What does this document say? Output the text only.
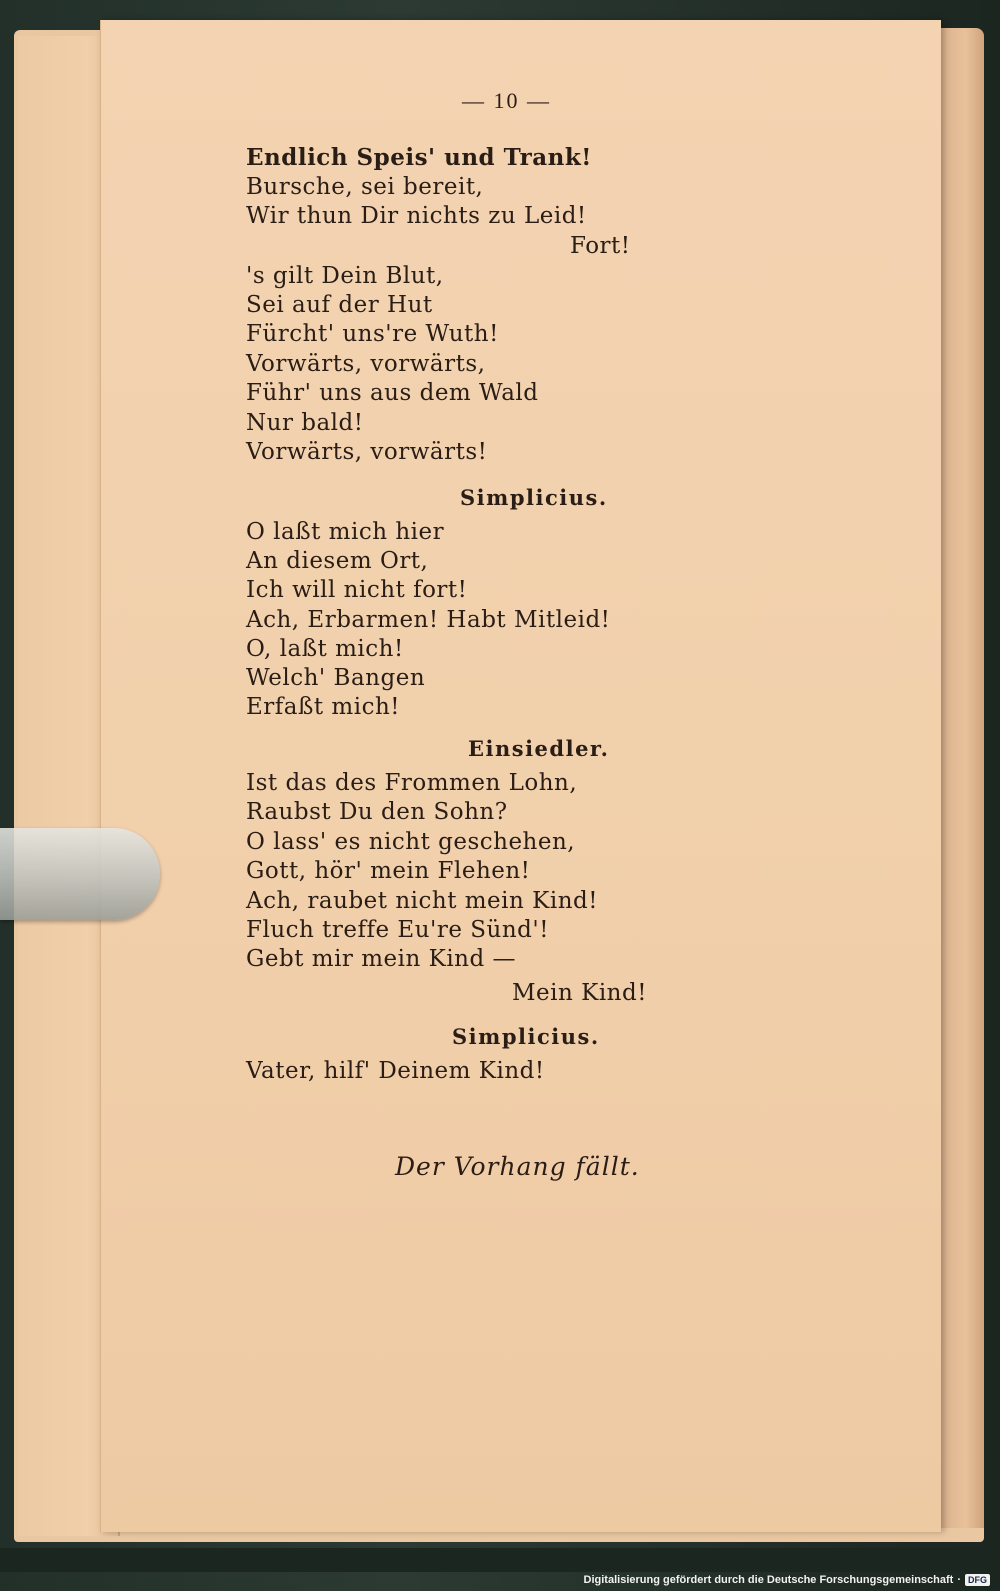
— 10 —
Endlich Speis' und Trank!
Bursche, sei bereit,
Wir thun Dir nichts zu Leid!
Fort!
's gilt Dein Blut,
Sei auf der Hut
Fürcht' uns're Wuth!
Vorwärts, vorwärts,
Führ' uns aus dem Wald
Nur bald!
Vorwärts, vorwärts!
Simplicius.
O laßt mich hier
An diesem Ort,
Ich will nicht fort!
Ach, Erbarmen! Habt Mitleid!
O, laßt mich!
Welch' Bangen
Erfaßt mich!
Einsiedler.
Ist das des Frommen Lohn,
Raubst Du den Sohn?
O lass' es nicht geschehen,
Gott, hör' mein Flehen!
Ach, raubet nicht mein Kind!
Fluch treffe Eu're Sünd'!
Gebt mir mein Kind —
Mein Kind!
Simplicius.
Vater, hilf' Deinem Kind!
Der Vorhang fällt.
Digitalisierung gefördert durch die Deutsche Forschungsgemeinschaft · DFG
